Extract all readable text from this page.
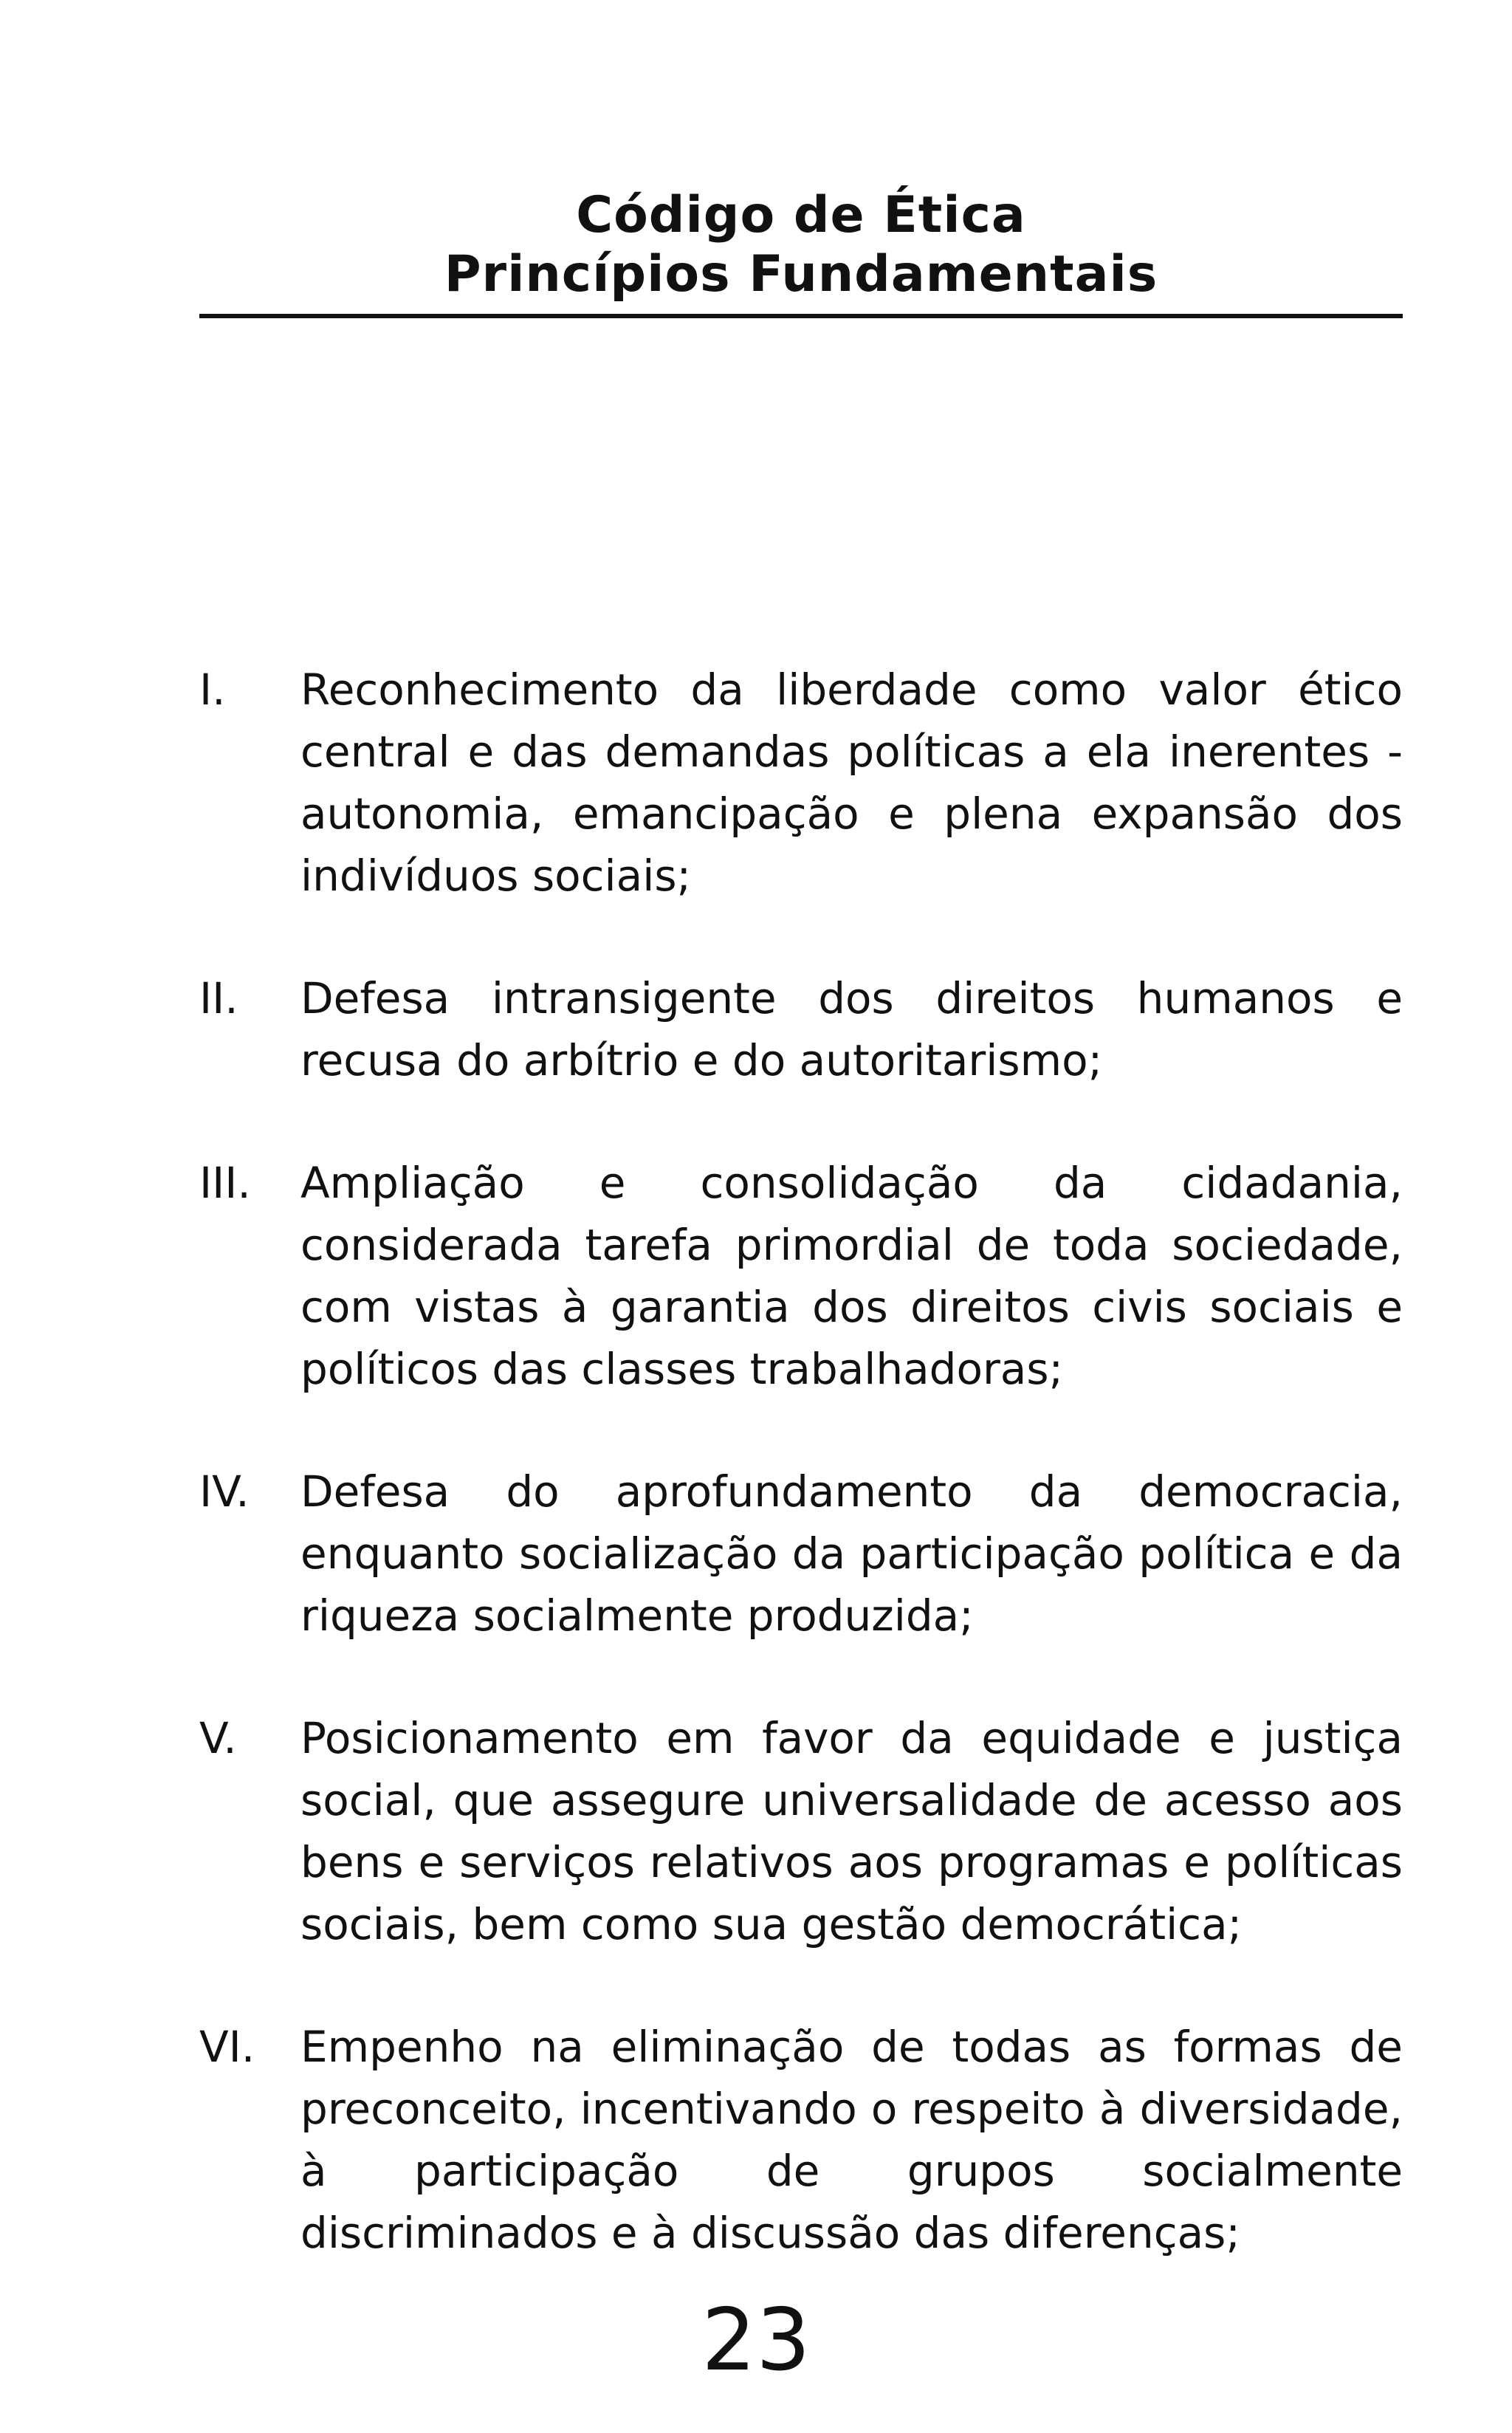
Código de Ética
Princípios Fundamentais
I.	Reconhecimento da liberdade como valor ético central e das demandas políticas a ela inerentes - autonomia, emancipação e plena expansão dos indivíduos sociais;
II.	Defesa intransigente dos direitos humanos e recusa do arbítrio e do autoritarismo;
III.	Ampliação e consolidação da cidadania, considerada tarefa primordial de toda sociedade, com vistas à garantia dos direitos civis sociais e políticos das classes trabalhadoras;
IV.	Defesa do aprofundamento da democracia, enquanto socialização da participação política e da riqueza socialmente produzida;
V.	Posicionamento em favor da equidade e justiça social, que assegure universalidade de acesso aos bens e serviços relativos aos programas e políticas sociais, bem como sua gestão democrática;
VI.	Empenho na eliminação de todas as formas de preconceito, incentivando o respeito à diversidade, à participação de grupos socialmente discriminados e à discussão das diferenças;
23
